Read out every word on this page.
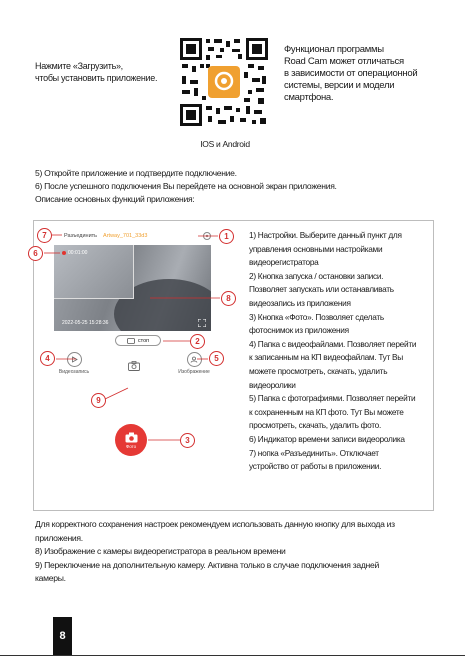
Нажмите «Загрузить»,
чтобы установить приложение.
IOS и Android
Функционал программы
Road Cam может отличаться
в зависимости от операционной
системы, версии и модели
смартфона.
5) Откройте приложение и подтвердите подключение.
6) После успешного подключения Вы перейдете на основной экран приложения.
Описание основных функций приложения:
Разъединить Artway_701_33d3
00:01:00
2022-05-25 15:28:36
стоп
Видеозапись	Изображение
Фото
7	1
6
8
2
4	5
9
3
1) Настройки. Выберите данный пункт для
управления основными настройками
видеорегистратора
2) Кнопка запуска / остановки записи.
Позволяет запускать или останавливать
видеозапись из приложения
3) Кнопка «Фото». Позволяет сделать
фотоснимок из приложения
4) Папка с видеофайлами. Позволяет перейти
к записанным на КП видеофайлам. Тут Вы
можете просмотреть, скачать, удалить
видеоролики
5) Папка с фотографиями. Позволяет перейти
к сохраненным на КП фото. Тут Вы можете
просмотреть, скачать, удалить фото.
6) Индикатор времени записи видеоролика
7) нопка «Разъединить». Отключает
устройство от работы в приложении.
Для корректного сохранения настроек рекомендуем использовать данную кнопку для выхода из
приложения.
8) Изображение с камеры видеорегистратора в реальном времени
9) Переключение на дополнительную камеру. Активна только в случае подключения задней
камеры.
8
